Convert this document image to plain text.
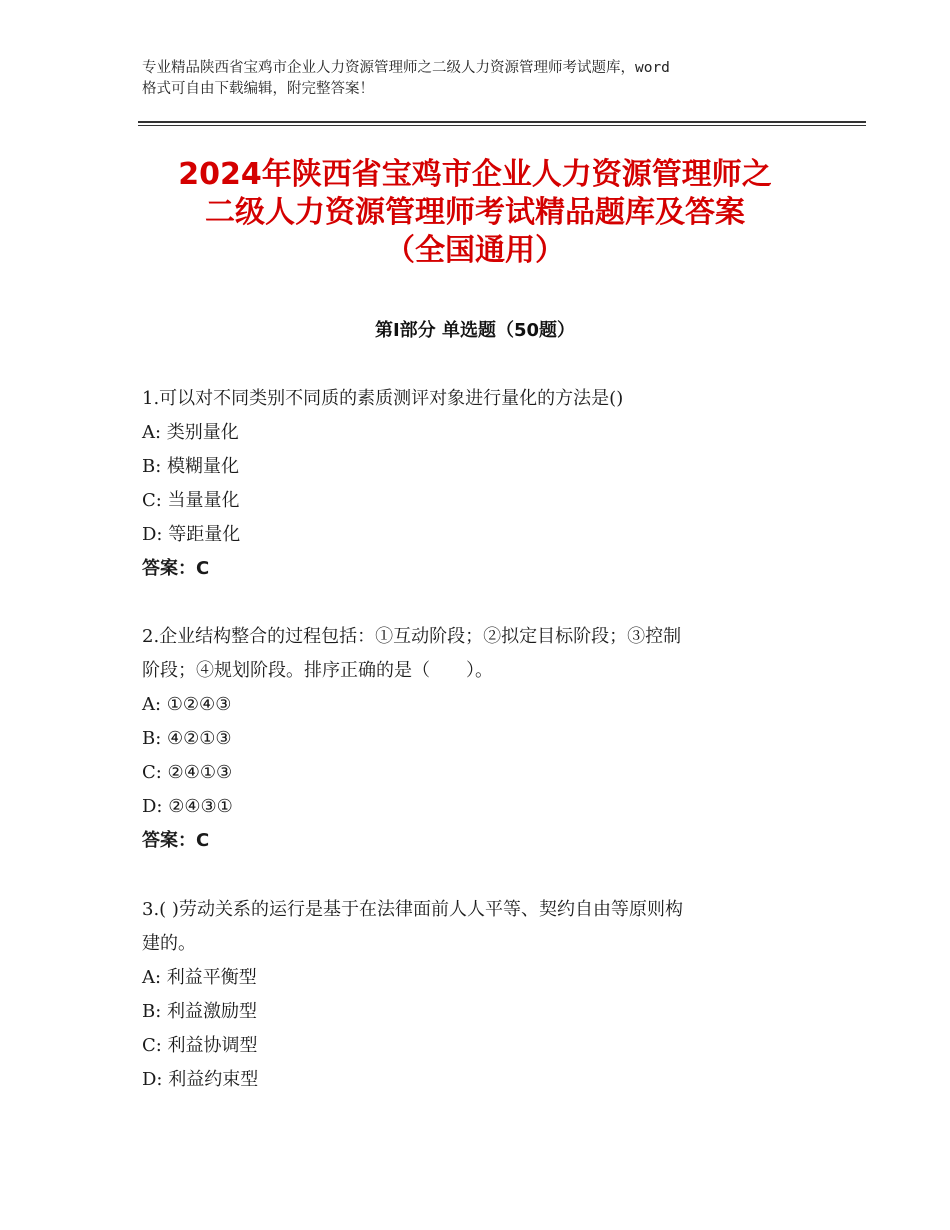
专业精品陕西省宝鸡市企业人力资源管理师之二级人力资源管理师考试题库，word
格式可自由下载编辑，附完整答案！
2024年陕西省宝鸡市企业人力资源管理师之
二级人力资源管理师考试精品题库及答案
（全国通用）
第Ⅰ部分 单选题（50题）
1.可以对不同类别不同质的素质测评对象进行量化的方法是()
A: 类别量化
B: 模糊量化
C: 当量量化
D: 等距量化
答案：C
2.企业结构整合的过程包括：①互动阶段；②拟定目标阶段；③控制
阶段；④规划阶段。排序正确的是（　　）。
A: ①②④③
B: ④②①③
C: ②④①③
D: ②④③①
答案：C
3.( )劳动关系的运行是基于在法律面前人人平等、契约自由等原则构
建的。
A: 利益平衡型
B: 利益激励型
C: 利益协调型
D: 利益约束型
